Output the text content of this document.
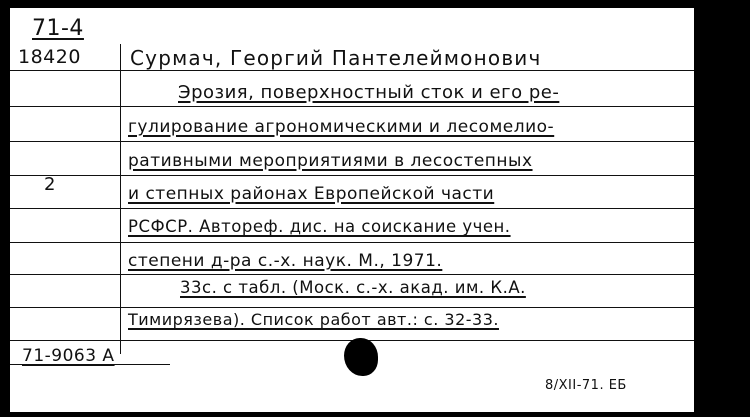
71-4
18420
2
Сурмач, Георгий Пантелеймонович
Эрозия, поверхностный сток и его ре-
гулирование агрономическими и лесомелио-
ративными мероприятиями в лесостепных
и степных районах Европейской части
РСФСР. Автореф. дис. на соискание учен.
степени д-ра с.-х. наук. М., 1971.
33с. с табл. (Моск. с.-х. акад. им. К.А.
Тимирязева). Список работ авт.: с. 32-33.
71-9063 А
8/XII-71. ЕБ
